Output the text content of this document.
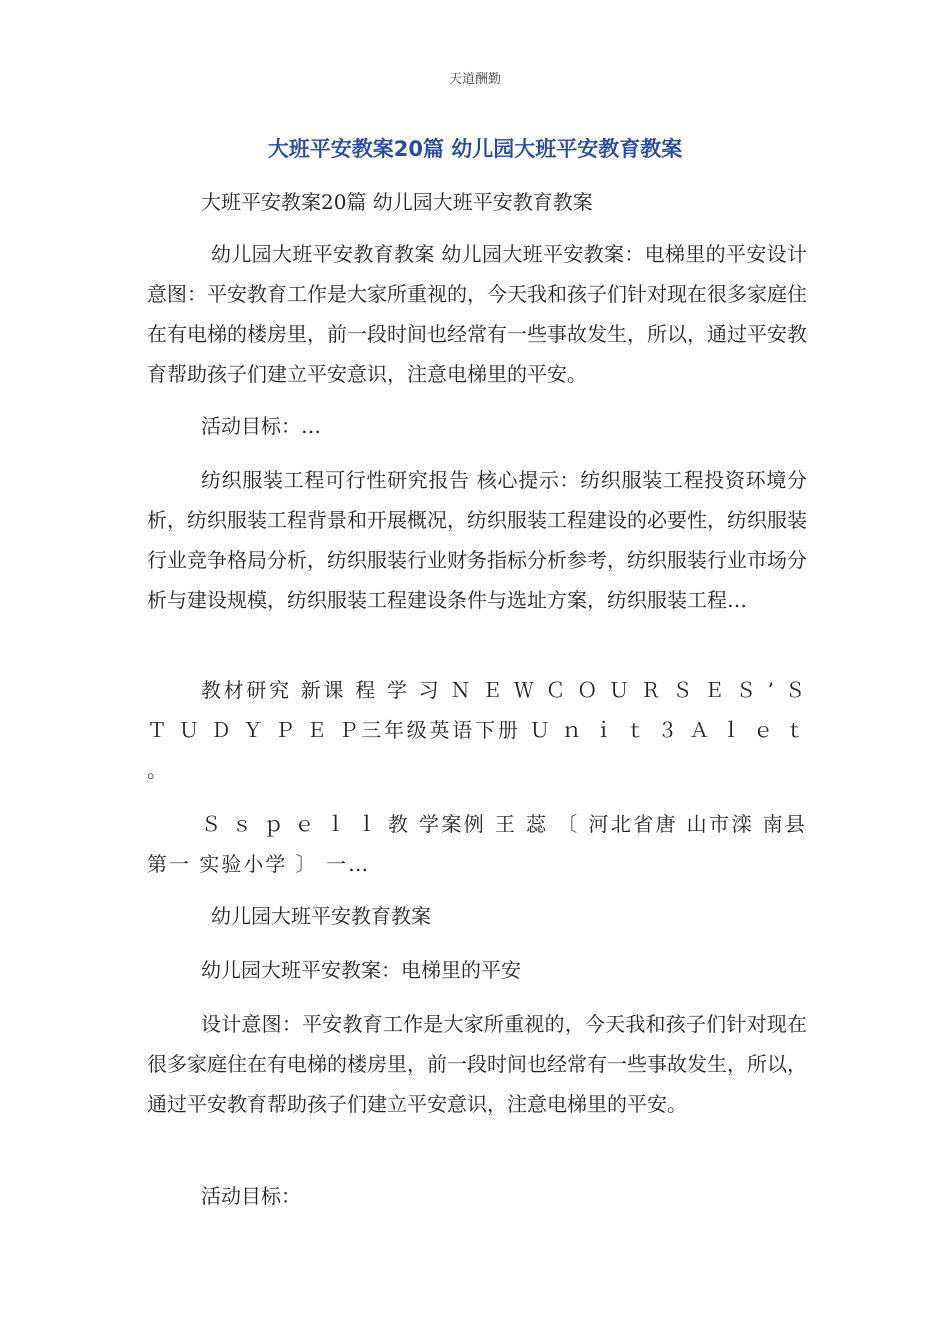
天道酬勤
大班平安教案20篇 幼儿园大班平安教育教案

大班平安教案20篇 幼儿园大班平安教育教案

幼儿园大班平安教育教案 幼儿园大班平安教案：电梯里的平安设计意图：平安教育工作是大家所重视的，今天我和孩子们针对现在很多家庭住在有电梯的楼房里，前一段时间也经常有一些事故发生，所以，通过平安教育帮助孩子们建立平安意识，注意电梯里的平安。

活动目标：…

纺织服装工程可行性研究报告 核心提示：纺织服装工程投资环境分析，纺织服装工程背景和开展概况，纺织服装工程建设的必要性，纺织服装行业竞争格局分析，纺织服装行业财务指标分析参考，纺织服装行业市场分析与建设规模，纺织服装工程建设条件与选址方案，纺织服装工程…

教材研究 新课 程 学 习 Ｎ Ｅ Ｗ Ｃ Ｏ Ｕ Ｒ Ｓ Ｅ Ｓ ’ Ｓ Ｔ Ｕ Ｄ Ｙ Ｐ Ｅ Ｐ三年级英语下册 Ｕ ｎ ｉ ｔ ３ Ａ ｌ ｅ ｔ 。

Ｓ ｓ ｐ ｅ ｌ ｌ 教 学案例 王 蕊 〔 河北省唐 山市滦 南县 第一 实验小学 〕 一…

幼儿园大班平安教育教案

幼儿园大班平安教案：电梯里的平安

设计意图：平安教育工作是大家所重视的，今天我和孩子们针对现在很多家庭住在有电梯的楼房里，前一段时间也经常有一些事故发生，所以，通过平安教育帮助孩子们建立平安意识，注意电梯里的平安。

活动目标：
